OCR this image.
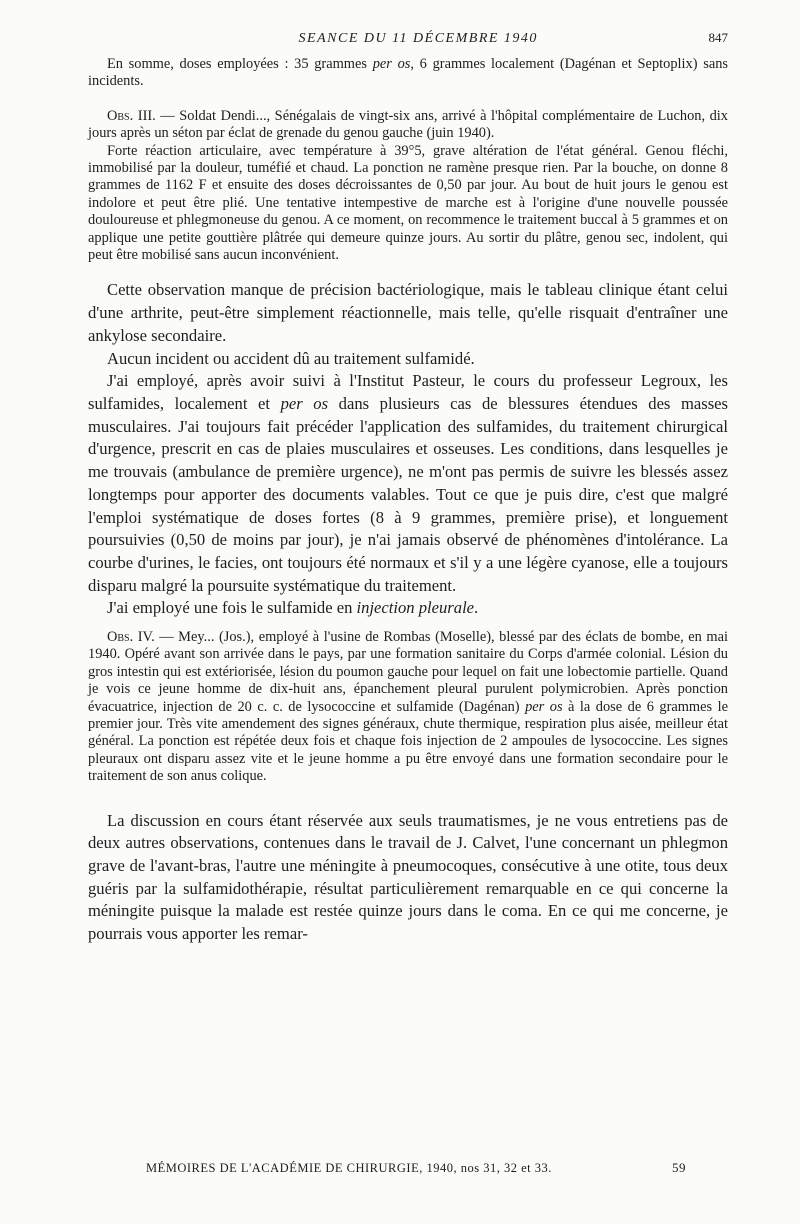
SEANCE DU 11 DÉCEMBRE 1940	847

En somme, doses employées : 35 grammes per os, 6 grammes localement (Dagénan et Septoplix) sans incidents.

Obs. III. — Soldat Dendi..., Sénégalais de vingt-six ans, arrivé à l'hôpital complémentaire de Luchon, dix jours après un séton par éclat de grenade du genou gauche (juin 1940).

Forte réaction articulaire, avec température à 39°5, grave altération de l'état général. Genou fléchi, immobilisé par la douleur, tuméfié et chaud. La ponction ne ramène presque rien. Par la bouche, on donne 8 grammes de 1162 F et ensuite des doses décroissantes de 0,50 par jour. Au bout de huit jours le genou est indolore et peut être plié. Une tentative intempestive de marche est à l'origine d'une nouvelle poussée douloureuse et phlegmoneuse du genou. A ce moment, on recommence le traitement buccal à 5 grammes et on applique une petite gouttière plâtrée qui demeure quinze jours. Au sortir du plâtre, genou sec, indolent, qui peut être mobilisé sans aucun inconvénient.

Cette observation manque de précision bactériologique, mais le tableau clinique étant celui d'une arthrite, peut-être simplement réactionnelle, mais telle, qu'elle risquait d'entraîner une ankylose secondaire.

Aucun incident ou accident dû au traitement sulfamidé.

J'ai employé, après avoir suivi à l'Institut Pasteur, le cours du professeur Legroux, les sulfamides, localement et per os dans plusieurs cas de blessures étendues des masses musculaires. J'ai toujours fait précéder l'application des sulfamides, du traitement chirurgical d'urgence, prescrit en cas de plaies musculaires et osseuses. Les conditions, dans lesquelles je me trouvais (ambulance de première urgence), ne m'ont pas permis de suivre les blessés assez longtemps pour apporter des documents valables. Tout ce que je puis dire, c'est que malgré l'emploi systématique de doses fortes (8 à 9 grammes, première prise), et longuement poursuivies (0,50 de moins par jour), je n'ai jamais observé de phénomènes d'intolérance. La courbe d'urines, le facies, ont toujours été normaux et s'il y a une légère cyanose, elle a toujours disparu malgré la poursuite systématique du traitement.

J'ai employé une fois le sulfamide en injection pleurale.

Obs. IV. — Mey... (Jos.), employé à l'usine de Rombas (Moselle), blessé par des éclats de bombe, en mai 1940. Opéré avant son arrivée dans le pays, par une formation sanitaire du Corps d'armée colonial. Lésion du gros intestin qui est extériorisée, lésion du poumon gauche pour lequel on fait une lobectomie partielle. Quand je vois ce jeune homme de dix-huit ans, épanchement pleural purulent polymicrobien. Après ponction évacuatrice, injection de 20 c. c. de lysococcine et sulfamide (Dagénan) per os à la dose de 6 grammes le premier jour. Très vite amendement des signes généraux, chute thermique, respiration plus aisée, meilleur état général. La ponction est répétée deux fois et chaque fois injection de 2 ampoules de lysococcine. Les signes pleuraux ont disparu assez vite et le jeune homme a pu être envoyé dans une formation secondaire pour le traitement de son anus colique.

La discussion en cours étant réservée aux seuls traumatismes, je ne vous entretiens pas de deux autres observations, contenues dans le travail de J. Calvet, l'une concernant un phlegmon grave de l'avant-bras, l'autre une méningite à pneumocoques, consécutive à une otite, tous deux guéris par la sulfamidothérapie, résultat particulièrement remarquable en ce qui concerne la méningite puisque la malade est restée quinze jours dans le coma. En ce qui me concerne, je pourrais vous apporter les remar-

MÉMOIRES DE L'ACADÉMIE DE CHIRURGIE, 1940, nos 31, 32 et 33.	59
